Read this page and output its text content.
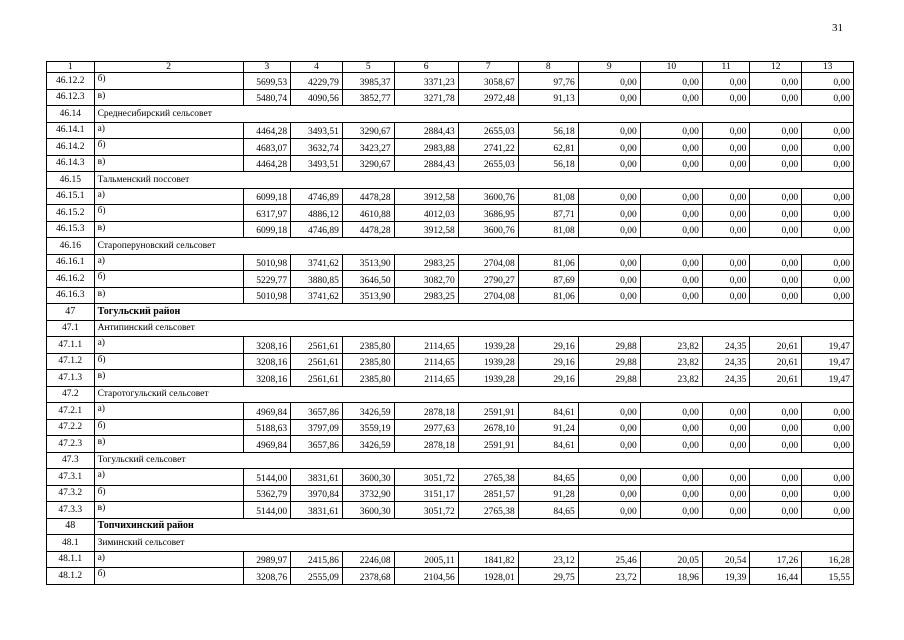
31
1	2	3	4	5	6	7	8	9	10	11	12	13
46.12.2	б)	5699,53	4229,79	3985,37	3371,23	3058,67	97,76	0,00	0,00	0,00	0,00	0,00
46.12.3	в)	5480,74	4090,56	3852,77	3271,78	2972,48	91,13	0,00	0,00	0,00	0,00	0,00
46.14	Среднесибирский сельсовет											
46.14.1	а)	4464,28	3493,51	3290,67	2884,43	2655,03	56,18	0,00	0,00	0,00	0,00	0,00
46.14.2	б)	4683,07	3632,74	3423,27	2983,88	2741,22	62,81	0,00	0,00	0,00	0,00	0,00
46.14.3	в)	4464,28	3493,51	3290,67	2884,43	2655,03	56,18	0,00	0,00	0,00	0,00	0,00
46.15	Тальменский поссовет											
46.15.1	а)	6099,18	4746,89	4478,28	3912,58	3600,76	81,08	0,00	0,00	0,00	0,00	0,00
46.15.2	б)	6317,97	4886,12	4610,88	4012,03	3686,95	87,71	0,00	0,00	0,00	0,00	0,00
46.15.3	в)	6099,18	4746,89	4478,28	3912,58	3600,76	81,08	0,00	0,00	0,00	0,00	0,00
46.16	Староперуновский сельсовет											
46.16.1	а)	5010,98	3741,62	3513,90	2983,25	2704,08	81,06	0,00	0,00	0,00	0,00	0,00
46.16.2	б)	5229,77	3880,85	3646,50	3082,70	2790,27	87,69	0,00	0,00	0,00	0,00	0,00
46.16.3	в)	5010,98	3741,62	3513,90	2983,25	2704,08	81,06	0,00	0,00	0,00	0,00	0,00
47	Тогульский район											
47.1	Антипинский сельсовет											
47.1.1	а)	3208,16	2561,61	2385,80	2114,65	1939,28	29,16	29,88	23,82	24,35	20,61	19,47
47.1.2	б)	3208,16	2561,61	2385,80	2114,65	1939,28	29,16	29,88	23,82	24,35	20,61	19,47
47.1.3	в)	3208,16	2561,61	2385,80	2114,65	1939,28	29,16	29,88	23,82	24,35	20,61	19,47
47.2	Старотогульский сельсовет											
47.2.1	а)	4969,84	3657,86	3426,59	2878,18	2591,91	84,61	0,00	0,00	0,00	0,00	0,00
47.2.2	б)	5188,63	3797,09	3559,19	2977,63	2678,10	91,24	0,00	0,00	0,00	0,00	0,00
47.2.3	в)	4969,84	3657,86	3426,59	2878,18	2591,91	84,61	0,00	0,00	0,00	0,00	0,00
47.3	Тогульский сельсовет											
47.3.1	а)	5144,00	3831,61	3600,30	3051,72	2765,38	84,65	0,00	0,00	0,00	0,00	0,00
47.3.2	б)	5362,79	3970,84	3732,90	3151,17	2851,57	91,28	0,00	0,00	0,00	0,00	0,00
47.3.3	в)	5144,00	3831,61	3600,30	3051,72	2765,38	84,65	0,00	0,00	0,00	0,00	0,00
48	Топчихинский район											
48.1	Зиминский сельсовет											
48.1.1	а)	2989,97	2415,86	2246,08	2005,11	1841,82	23,12	25,46	20,05	20,54	17,26	16,28
48.1.2	б)	3208,76	2555,09	2378,68	2104,56	1928,01	29,75	23,72	18,96	19,39	16,44	15,55
